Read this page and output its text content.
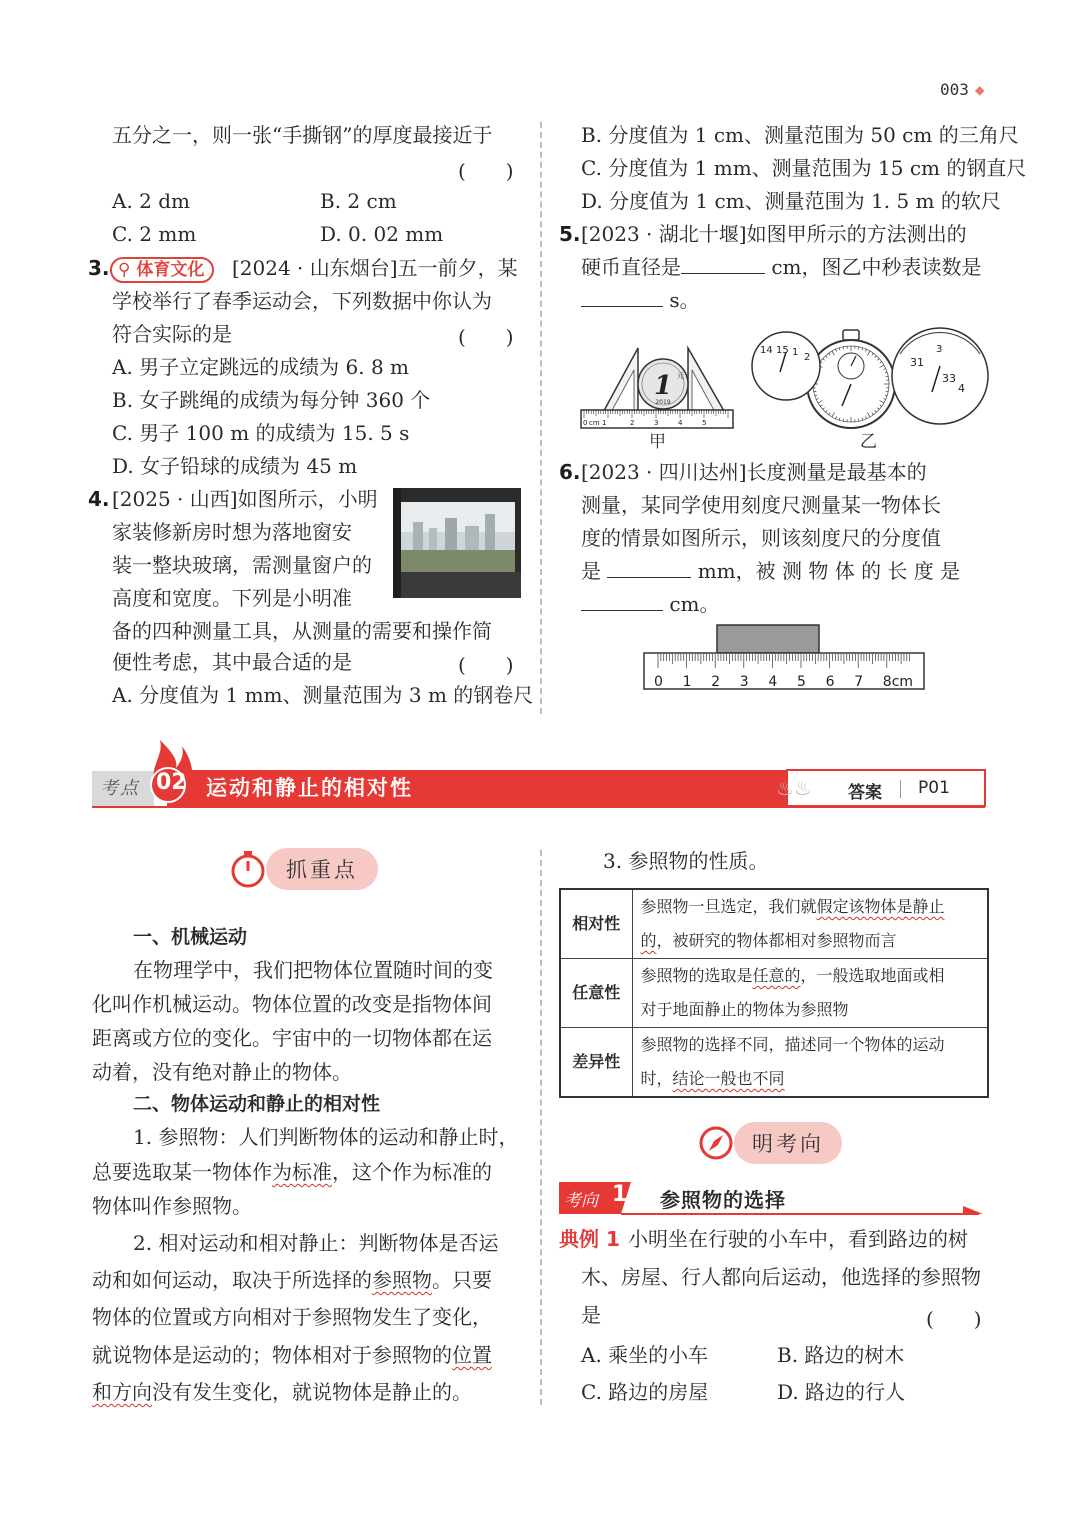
003 ◆
五分之一，则一张“手撕钢”的厚度最接近于
(　　)
A. 2 dm	B. 2 cm
C. 2 mm	D. 0. 02 mm
3. ⚲ 体育文化	[2024 · 山东烟台]五一前夕，某
学校举行了春季运动会，下列数据中你认为
符合实际的是	(　　)
A. 男子立定跳远的成绩为 6. 8 m
B. 女子跳绳的成绩为每分钟 360 个
C. 男子 100 m 的成绩为 15. 5 s
D. 女子铅球的成绩为 45 m
4. [2025 · 山西]如图所示，小明
家装修新房时想为落地窗安
装一整块玻璃，需测量窗户的
高度和宽度。下列是小明准
备的四种测量工具，从测量的需要和操作简
便性考虑，其中最合适的是	(　　)
A. 分度值为 1 mm、测量范围为 3 m 的钢卷尺
B. 分度值为 1 cm、测量范围为 50 cm 的三角尺
C. 分度值为 1 mm、测量范围为 15 cm 的钢直尺
D. 分度值为 1 cm、测量范围为 1. 5 m 的软尺
5. [2023 · 湖北十堰]如图甲所示的方法测出的
硬币直径是	cm，图乙中秒表读数是
s。
1 元
2019
0 cm 1	2	3	4	5
甲
14 15 1 2	31
3
33
4
乙
6. [2023 · 四川达州]长度测量是最基本的
测量，某同学使用刻度尺测量某一物体长
度的情景如图所示，则该刻度尺的分度值
是	mm，被 测 物 体 的 长 度 是
cm。
0 1 2 3 4 5 6 7 8cm
考点 02 运动和静止的相对性	♨♨♨♨♨ 答案 P01
抓重点
一、机械运动
在物理学中，我们把物体位置随时间的变
化叫作机械运动。物体位置的改变是指物体间
距离或方位的变化。宇宙中的一切物体都在运
动着，没有绝对静止的物体。
二、物体运动和静止的相对性
1. 参照物：人们判断物体的运动和静止时，
总要选取某一物体作为标准，这个作为标准的
物体叫作参照物。
2. 相对运动和相对静止：判断物体是否运
动和如何运动，取决于所选择的参照物。只要
物体的位置或方向相对于参照物发生了变化，
就说物体是运动的；物体相对于参照物的位置
和方向没有发生变化，就说物体是静止的。
3. 参照物的性质。
相对性	参照物一旦选定，我们就假定该物体是静止
的，被研究的物体都相对参照物而言

任意性	参照物的选取是任意的，一般选取地面或相
对于地面静止的物体为参照物

差异性	参照物的选择不同，描述同一个物体的运动
时，结论一般也不同
明考向
考向 1 参照物的选择
典例 1 小明坐在行驶的小车中，看到路边的树
木、房屋、行人都向后运动，他选择的参照物
是	(　　)
A. 乘坐的小车	B. 路边的树木
C. 路边的房屋	D. 路边的行人
